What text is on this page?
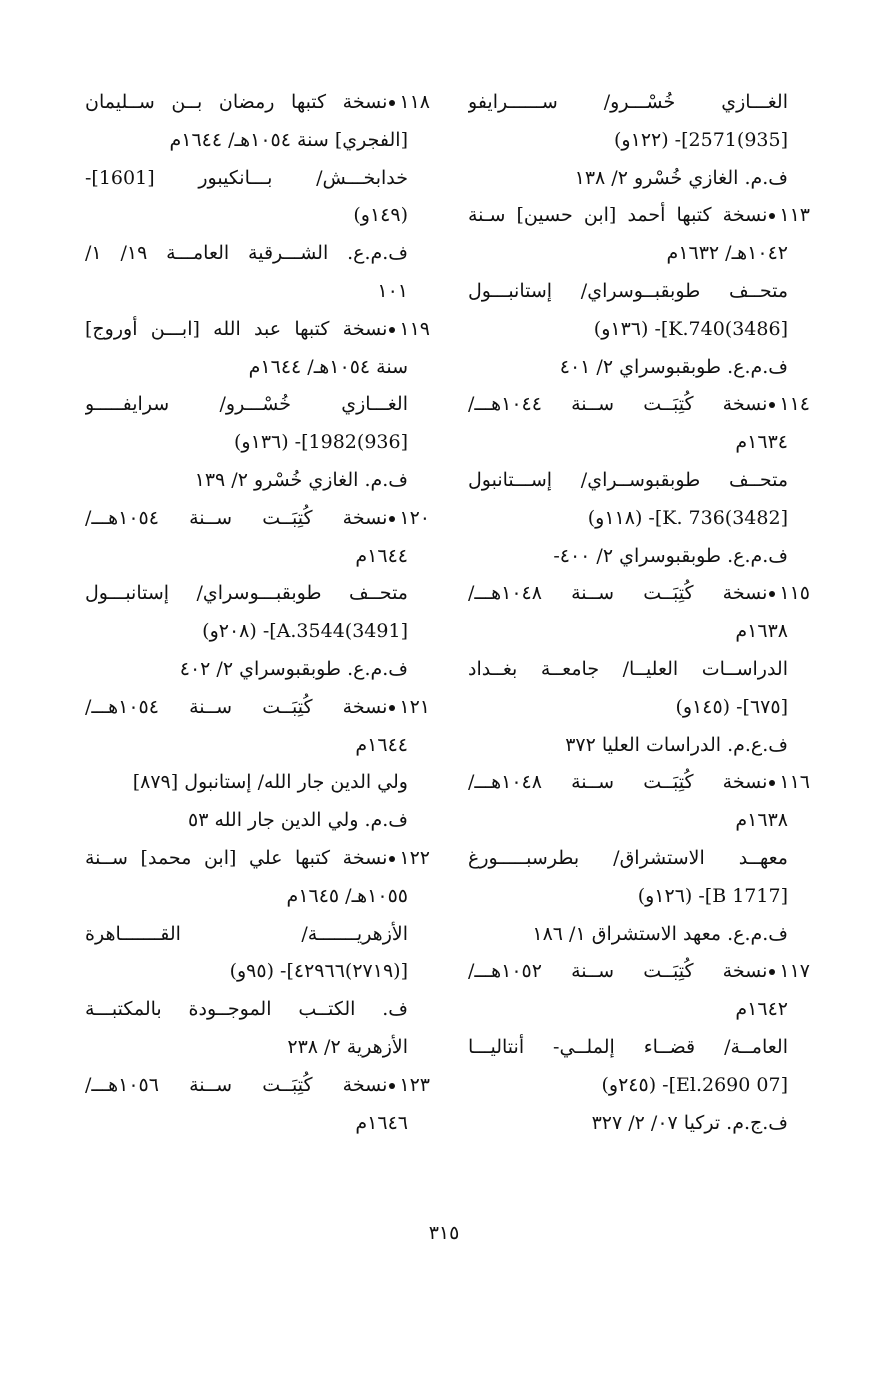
الغـــازي خُسْـــرو/ ســــــرايفو
[935)2571]- (١٢٢و)
ف.م. الغازي خُسْرو ٢/ ١٣٨
١١٣نسخة كتبها أحمد [ابن حسين] سـنة
١٠٤٢هـ/ ١٦٣٢م
متحــف طوبقبــوسراي/ إستانبـــول
[3486)K.740]- (١٣٦و)
ف.م.ع. طوبقبوسراي ٢/ ٤٠١
١١٤نسخة كُتِبَــت ســنة ١٠٤٤هـــ/
١٦٣٤م
متحــف طوبقبوســراي/ إســـتانبول
[3482)K. 736]- (١١٨و)
ف.م.ع. طوبقبوسراي ٢/ ٤٠٠-
١١٥نسخة كُتِبَــت ســنة ١٠٤٨هـــ/
١٦٣٨م
الدراســات العليــا/ جامعــة بغــداد
[٦٧٥]- (١٤٥و)
ف.ع.م. الدراسات العليا ٣٧٢
١١٦نسخة كُتِبَــت ســنة ١٠٤٨هـــ/
١٦٣٨م
معهــد الاستشراق/ بطرسبـــــورغ
[B 1717]- (١٢٦و)
ف.م.ع. معهد الاستشراق ١/ ١٨٦
١١٧نسخة كُتِبَــت ســنة ١٠٥٢هـــ/
١٦٤٢م
العامــة/ قضــاء إلملــي- أنتاليـــا
[07 El.2690]- (٢٤٥و)
ف.ج.م. تركيا ٠٧/ ٢/ ٣٢٧
١١٨نسخة كتبها رمضان بــن ســليمان
[الفجري] سنة ١٠٥٤هـ/ ١٦٤٤م
خدابخـــش/ بـــانكيبور [1601]-
(١٤٩و)
ف.م.ع. الشـــرقية العامـــة ١٩/ ١/
١٠١
١١٩نسخة كتبها عبد الله [ابـــن أوروج]
سنة ١٠٥٤هـ/ ١٦٤٤م
الغـــازي خُسْـــرو/ سرايفـــــو
[936)1982]- (١٣٦و)
ف.م. الغازي خُسْرو ٢/ ١٣٩
١٢٠نسخة كُتِبَــت ســنة ١٠٥٤هـــ/
١٦٤٤م
متحــف طوبقبـــوسراي/ إستانبـــول
[3491)A.3544]- (٢٠٨و)
ف.م.ع. طوبقبوسراي ٢/ ٤٠٢
١٢١نسخة كُتِبَــت ســنة ١٠٥٤هـــ/
١٦٤٤م
ولي الدين جار الله/ إستانبول [٨٧٩]
ف.م. ولي الدين جار الله ٥٣
١٢٢نسخة كتبها علي [ابن محمد] ســنة
١٠٥٥هـ/ ١٦٤٥م
الأزهريـــــــة/ القـــــــاهرة
[(٢٧١٩)٤٢٩٦٦]- (٩٥و)
ف. الكتــب الموجــودة بالمكتبـــة
الأزهرية ٢/ ٢٣٨
١٢٣نسخة كُتِبَــت ســنة ١٠٥٦هـــ/
١٦٤٦م
٣١٥
